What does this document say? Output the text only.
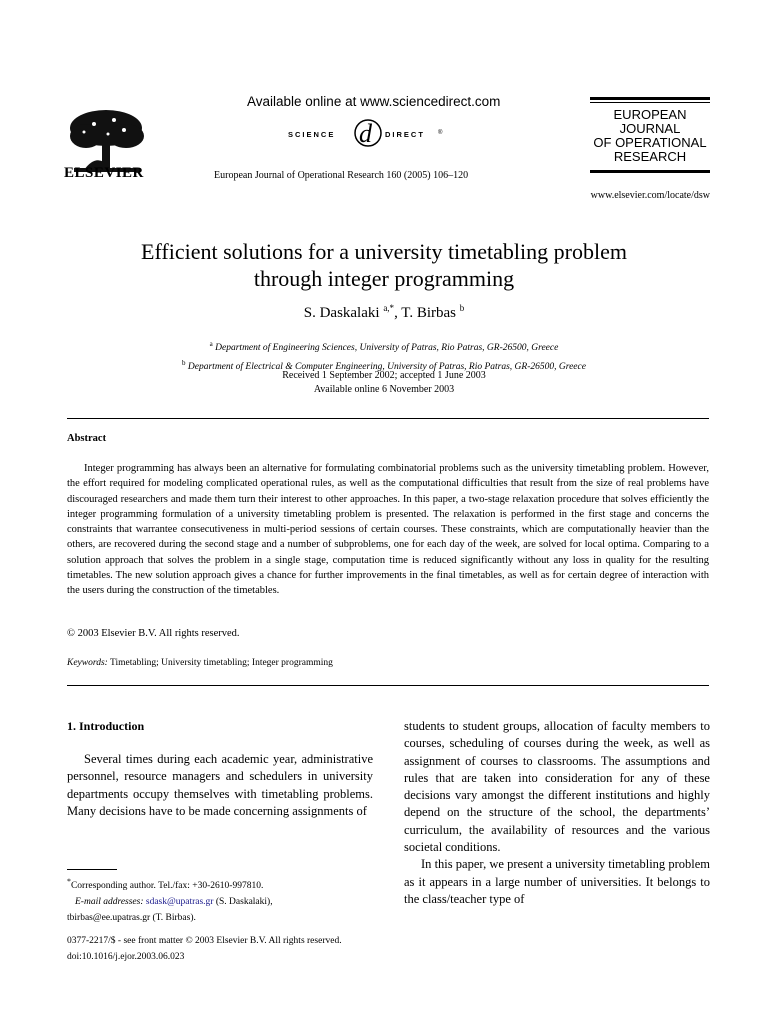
ELSEVIER
Available online at www.sciencedirect.com
SCIENCE d DIRECT ®
European Journal of Operational Research 160 (2005) 106–120
EUROPEAN
JOURNAL
OF OPERATIONAL
RESEARCH
www.elsevier.com/locate/dsw
Efficient solutions for a university timetabling problem
through integer programming
S. Daskalaki $^{a,*}$, T. Birbas $^b$
$^a$ Department of Engineering Sciences, University of Patras, Rio Patras, GR-26500, Greece
$^b$ Department of Electrical & Computer Engineering, University of Patras, Rio Patras, GR-26500, Greece
Received 1 September 2002; accepted 1 June 2003
Available online 6 November 2003
Abstract
Integer programming has always been an alternative for formulating combinatorial problems such as the university timetabling problem. However, the effort required for modeling complicated operational rules, as well as the computational difficulties that result from the size of real problems have discouraged researchers and made them turn their interest to other approaches. In this paper, a two-stage relaxation procedure that solves efficiently the integer programming formulation of a university timetabling problem is presented. The relaxation is performed in the first stage and concerns the constraints that warrantee consecutiveness in multi-period sessions of certain courses. These constraints, which are computationally heavier than the others, are recovered during the second stage and a number of subproblems, one for each day of the week, are solved for local optima. Comparing to a solution approach that solves the problem in a single stage, computation time is reduced significantly without any loss in quality for the resulting timetables. The new solution approach gives a chance for further improvements in the final timetables, as well as for certain degree of interaction with the users during the construction of the timetables.
© 2003 Elsevier B.V. All rights reserved.
Keywords: Timetabling; University timetabling; Integer programming
1. Introduction
Several times during each academic year, administrative personnel, resource managers and schedulers in university departments occupy themselves with timetabling problems. Many decisions have to be made concerning assignments of

students to student groups, allocation of faculty members to courses, scheduling of courses during the week, as well as assignment of courses to classrooms. The assumptions and rules that are taken into consideration for any of these decisions vary amongst the different institutions and highly depend on the structure of the school, the departments’ curriculum, the availability of resources and the various societal conditions.

In this paper, we present a university timetabling problem as it appears in a large number of universities. It belongs to the class/teacher type of

*Corresponding author. Tel./fax: +30-2610-997810.
E-mail addresses: sdask@upatras.gr (S. Daskalaki),
tbirbas@ee.upatras.gr (T. Birbas).
0377-2217/$ - see front matter © 2003 Elsevier B.V. All rights reserved.
doi:10.1016/j.ejor.2003.06.023
